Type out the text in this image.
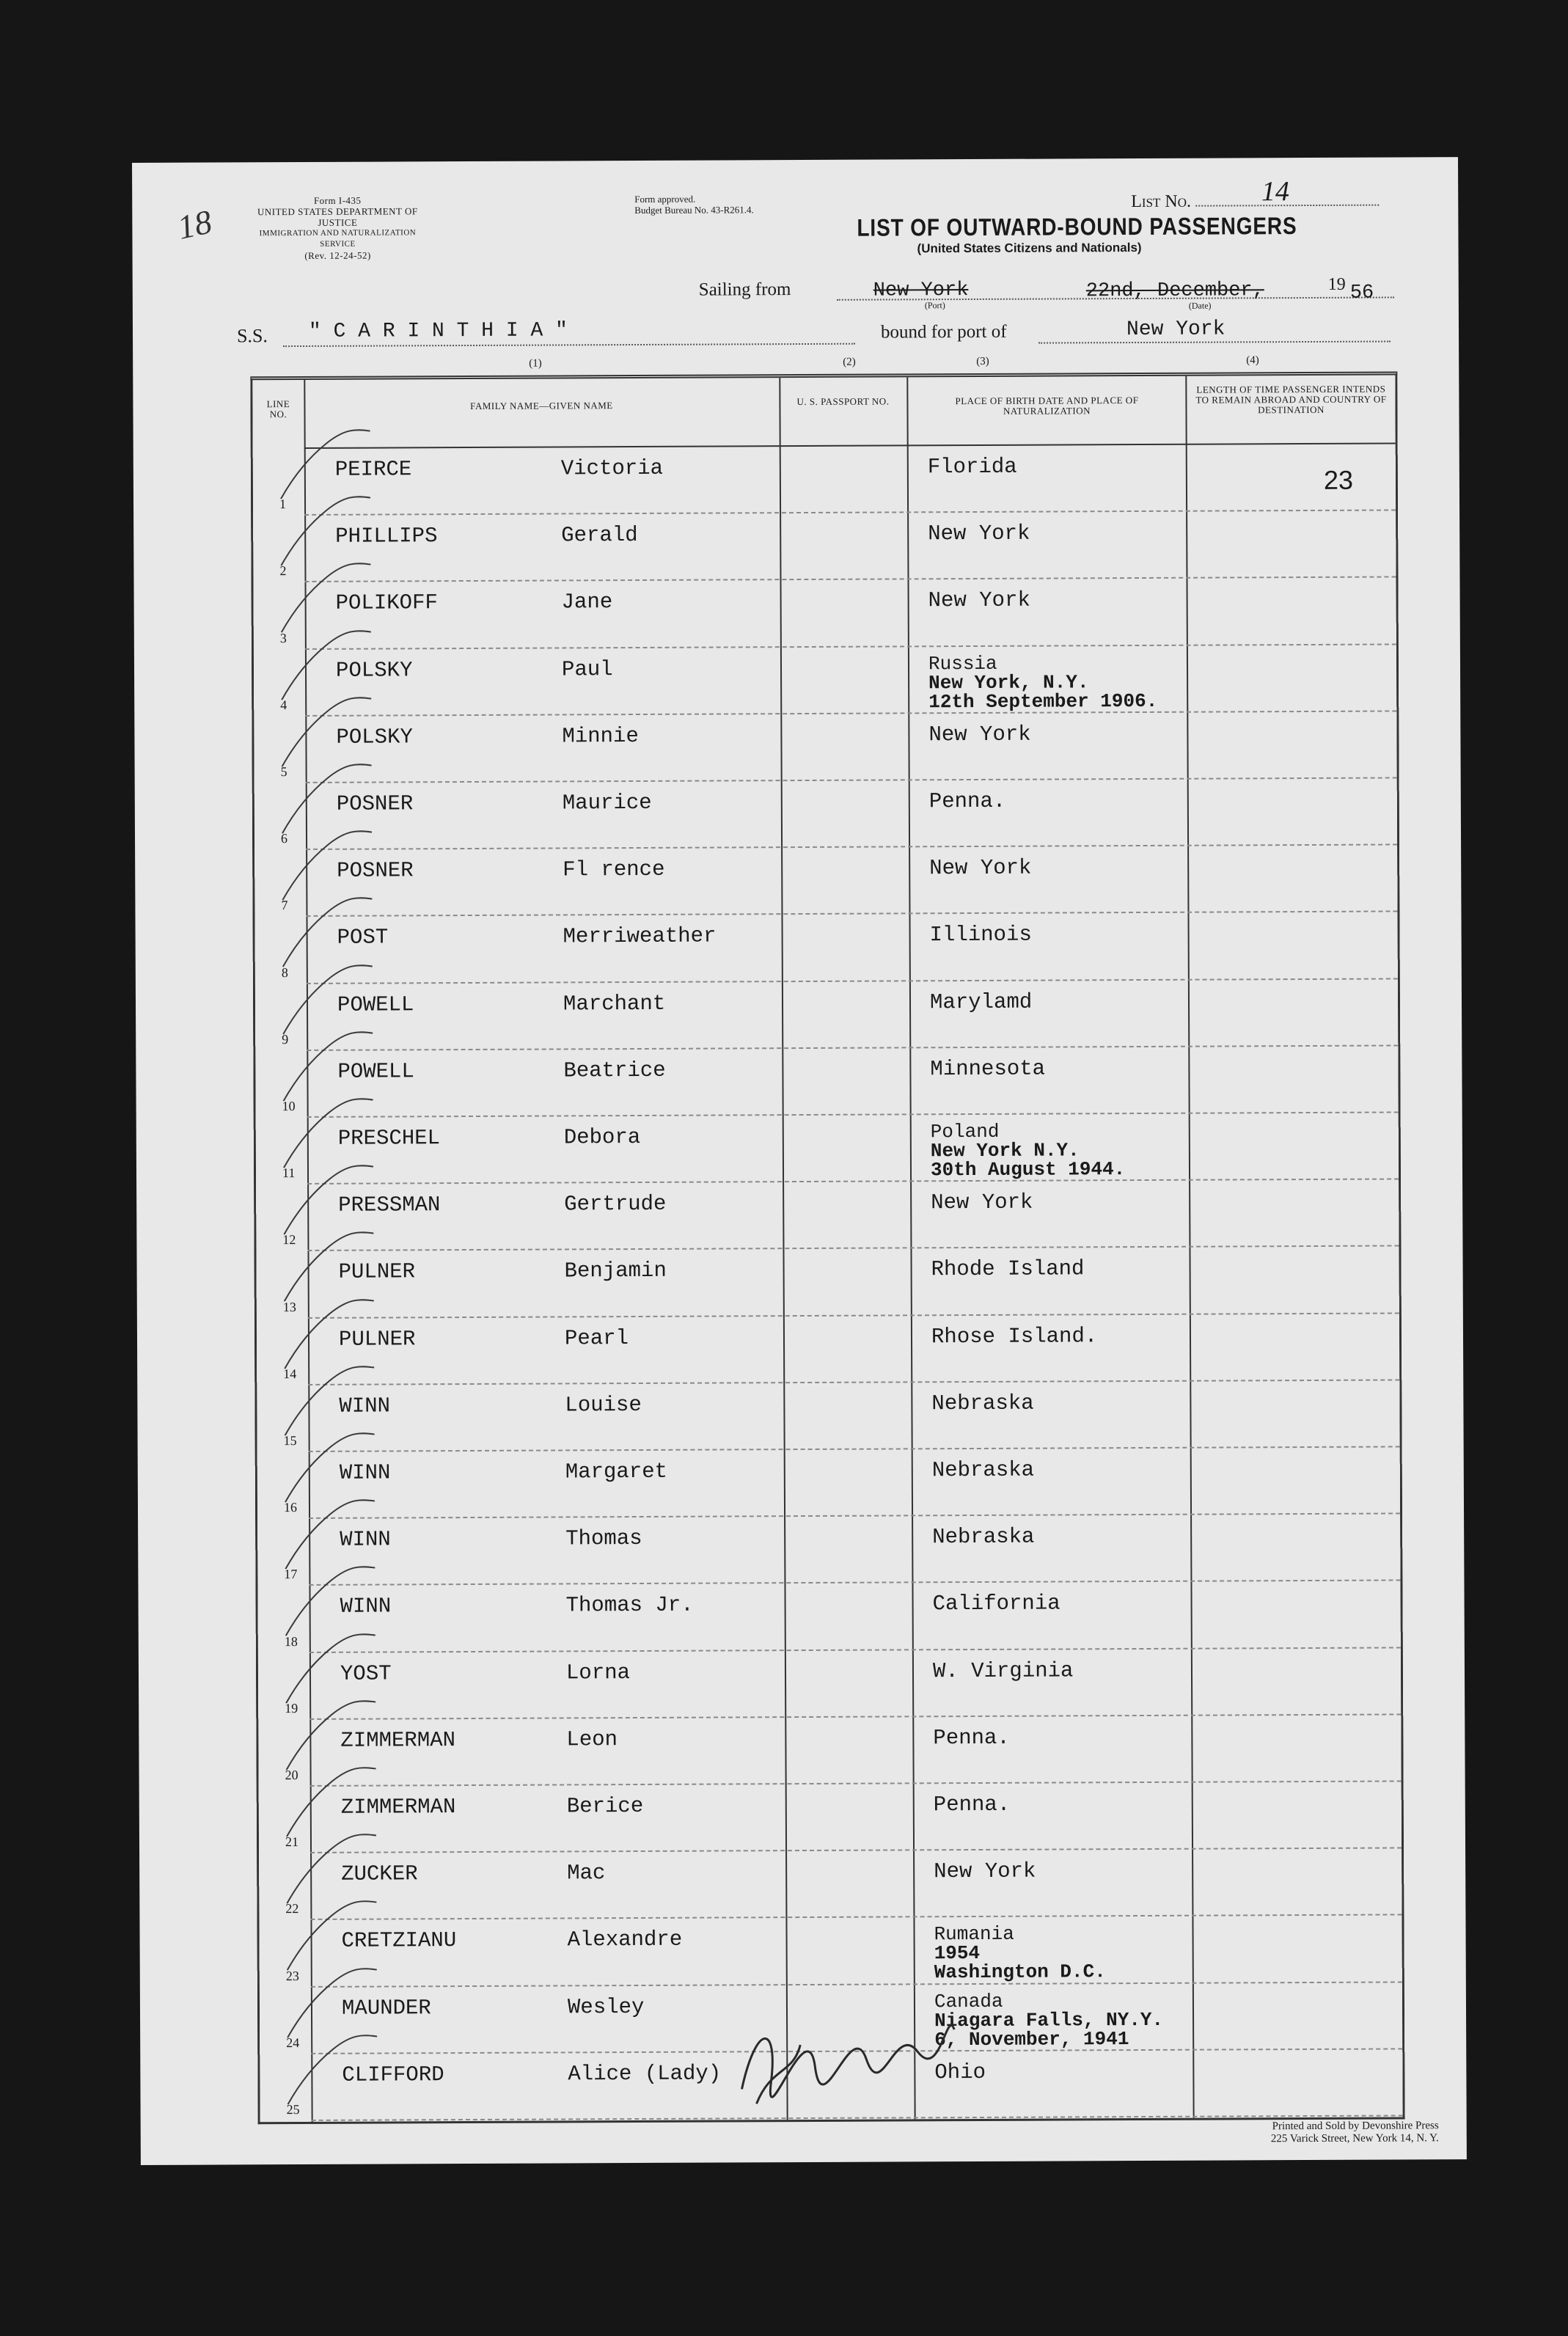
18
Form I-435
UNITED STATES DEPARTMENT OF JUSTICE
IMMIGRATION AND NATURALIZATION SERVICE
(Rev. 12-24-52)
Form approved.
Budget Bureau No. 43-R261.4.	List No.	14
LIST OF OUTWARD-BOUND PASSENGERS
(United States Citizens and Nationals)
Sailing from	New York
(Port)
22nd, December,
(Date)
19 56
S.S. " C A R I N T H I A "	bound for port of	New York
(1)	(2)	(3)	(4)
LINE NO.
FAMILY NAME—GIVEN NAME	U. S. PASSPORT NO.	PLACE OF BIRTH DATE AND PLACE OF NATURALIZATION
LENGTH OF TIME PASSENGER INTENDS TO REMAIN ABROAD AND COUNTRY OF DESTINATION
1
PEIRCE	Victoria	Florida	23
2
PHILLIPS	Gerald	New York
3
POLIKOFF	Jane	New York
4
POLSKY	Paul	Russia
New York, N.Y.
12th September 1906.
5
POLSKY	Minnie	New York
6
POSNER	Maurice	Penna.
7
POSNER	Fl rence	New York
8
POST	Merriweather	Illinois
9
POWELL	Marchant	Marylamd
10
POWELL	Beatrice	Minnesota
11
PRESCHEL	Debora	Poland
New York N.Y.
30th August 1944.
12
PRESSMAN	Gertrude	New York
13
PULNER	Benjamin	Rhode Island
14
PULNER	Pearl	Rhose Island.
15
WINN	Louise	Nebraska
16
WINN	Margaret	Nebraska
17
WINN	Thomas	Nebraska
18
WINN	Thomas Jr.	California
19
YOST	Lorna	W. Virginia
20
ZIMMERMAN	Leon	Penna.
21
ZIMMERMAN	Berice	Penna.
22
ZUCKER	Mac	New York
23
CRETZIANU	Alexandre	Rumania
1954
Washington D.C.
24
MAUNDER	Wesley	Canada
Niagara Falls, NY.Y.
6, November, 1941
25
CLIFFORD	Alice (Lady)	Ohio
Printed and Sold by Devonshire Press
225 Varick Street, New York 14, N. Y.
